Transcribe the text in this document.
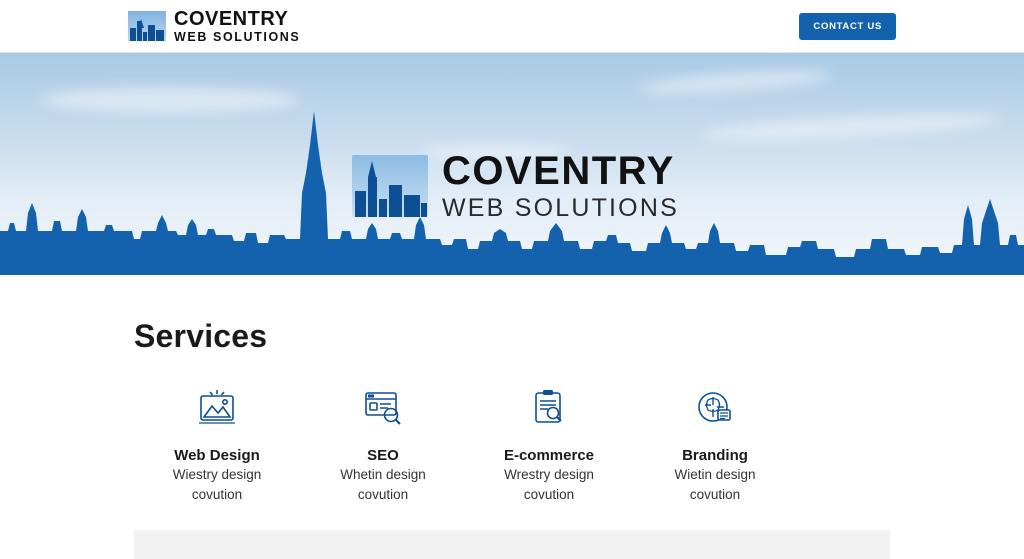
COVENTRY
WEB SOLUTIONS
CONTACT US
COVENTRY
WEB SOLUTIONS
Services
Web Design
Wiestry design
covution
SEO
Whetin design
covution
E-commerce
Wrestry design
covution
Branding
Wietin design
covution
